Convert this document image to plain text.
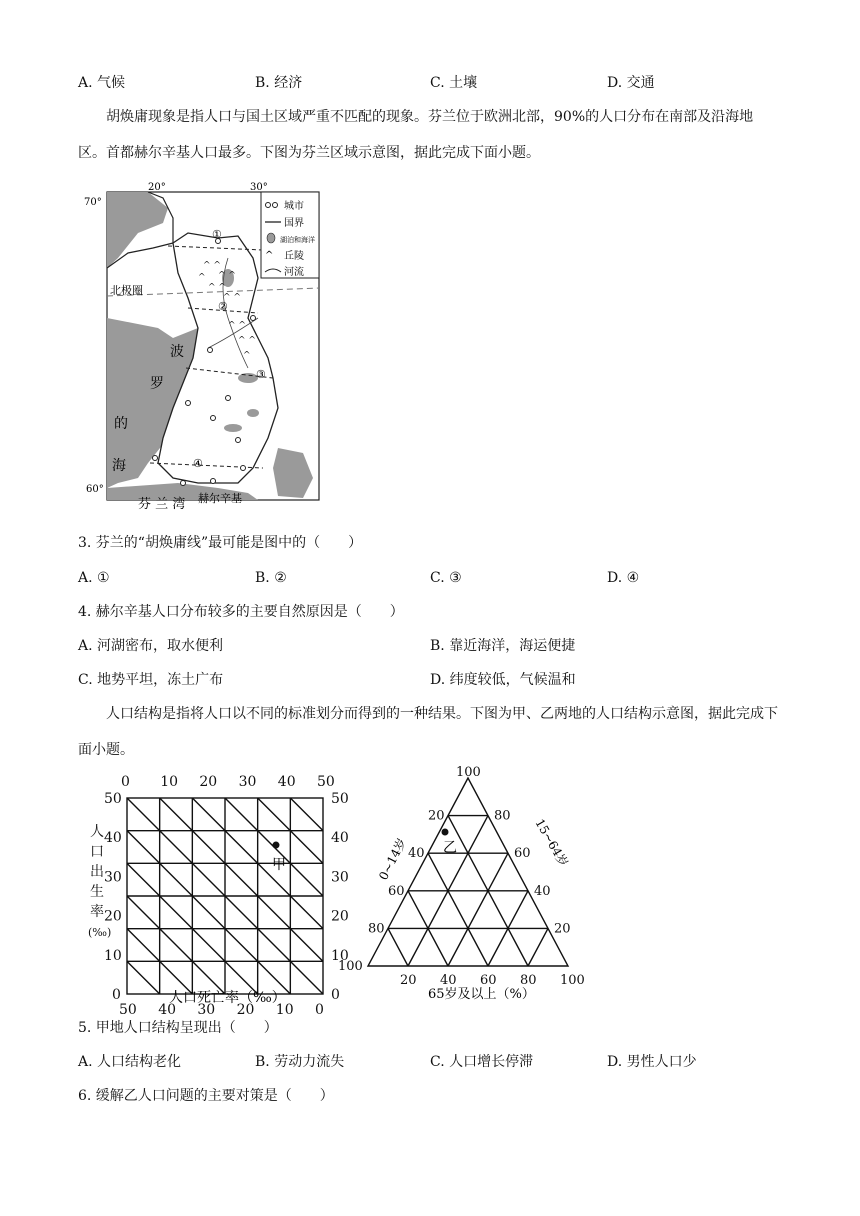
A. 气候	B. 经济	C. 土壤	D. 交通
胡焕庸现象是指人口与国土区域严重不匹配的现象。芬兰位于欧洲北部，90%的人口分布在南部及沿海地区。首都赫尔辛基人口最多。下图为芬兰区域示意图，据此完成下面小题。
^ ^
^ ^
^ ^
^ ^
^ ^
^ ^
^
^
城市
国界
湖泊和海洋
^ 丘陵
河流
20°	30°
70°
60°
北极圈
波
罗
的
海
芬 兰 湾 赫尔辛基
①
②
③
④
3. 芬兰的“胡焕庸线”最可能是图中的（　　）
A. ①	B. ②	C. ③	D. ④
4. 赫尔辛基人口分布较多的主要自然原因是（　　）
A. 河湖密布，取水便利	B. 靠近海洋，海运便捷
C. 地势平坦，冻土广布	D. 纬度较低，气候温和
人口结构是指将人口以不同的标准划分而得到的一种结果。下图为甲、乙两地的人口结构示意图，据此完成下面小题。
0 10 20 30 40 50
50 40 30 20 10 0
50
40
30
20
10
0
50
40
30
20
10
0
甲
人
口
出
生
率
(‰)
人口死亡率（‰）
100
20
40
60
80
100
80
60
40
20
20 40 60 80 100
乙
0~14岁	15~64岁
65岁及以上（%）
5. 甲地人口结构呈现出（　　）
A. 人口结构老化	B. 劳动力流失	C. 人口增长停滞	D. 男性人口少
6. 缓解乙人口问题的主要对策是（　　）
